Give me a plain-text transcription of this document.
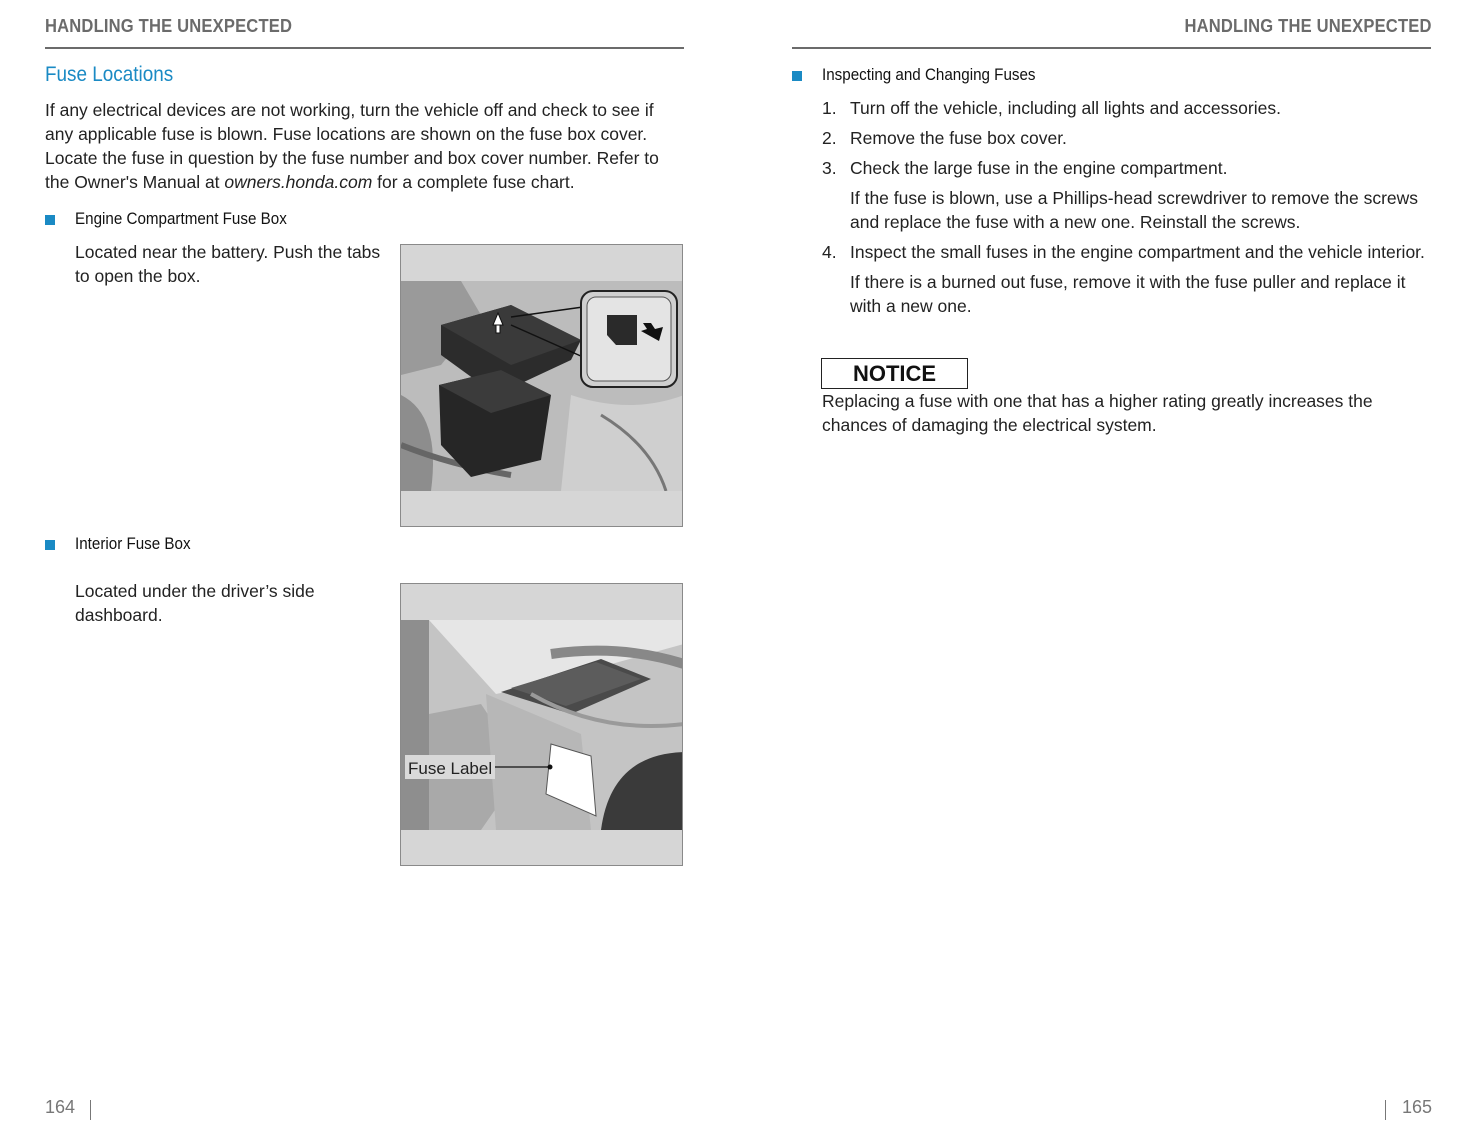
HANDLING THE UNEXPECTED
Fuse Locations

If any electrical devices are not working, turn the vehicle off and check to see if any applicable fuse is blown. Fuse locations are shown on the fuse box cover. Locate the fuse in question by the fuse number and box cover number. Refer to the Owner's Manual at owners.honda.com for a complete fuse chart.

Engine Compartment Fuse Box
Located near the battery. Push the tabs to open the box.
Interior Fuse Box
Located under the driver’s side dashboard.
Fuse Label
164
HANDLING THE UNEXPECTED
Inspecting and Changing Fuses
1. Turn off the vehicle, including all lights and accessories.
2. Remove the fuse box cover.
3. Check the large fuse in the engine compartment.
If the fuse is blown, use a Phillips-head screwdriver to remove the screws and replace the fuse with a new one. Reinstall the screws.
4. Inspect the small fuses in the engine compartment and the vehicle interior.
If there is a burned out fuse, remove it with the fuse puller and replace it with a new one.
NOTICE
Replacing a fuse with one that has a higher rating greatly increases the chances of damaging the electrical system.
165
